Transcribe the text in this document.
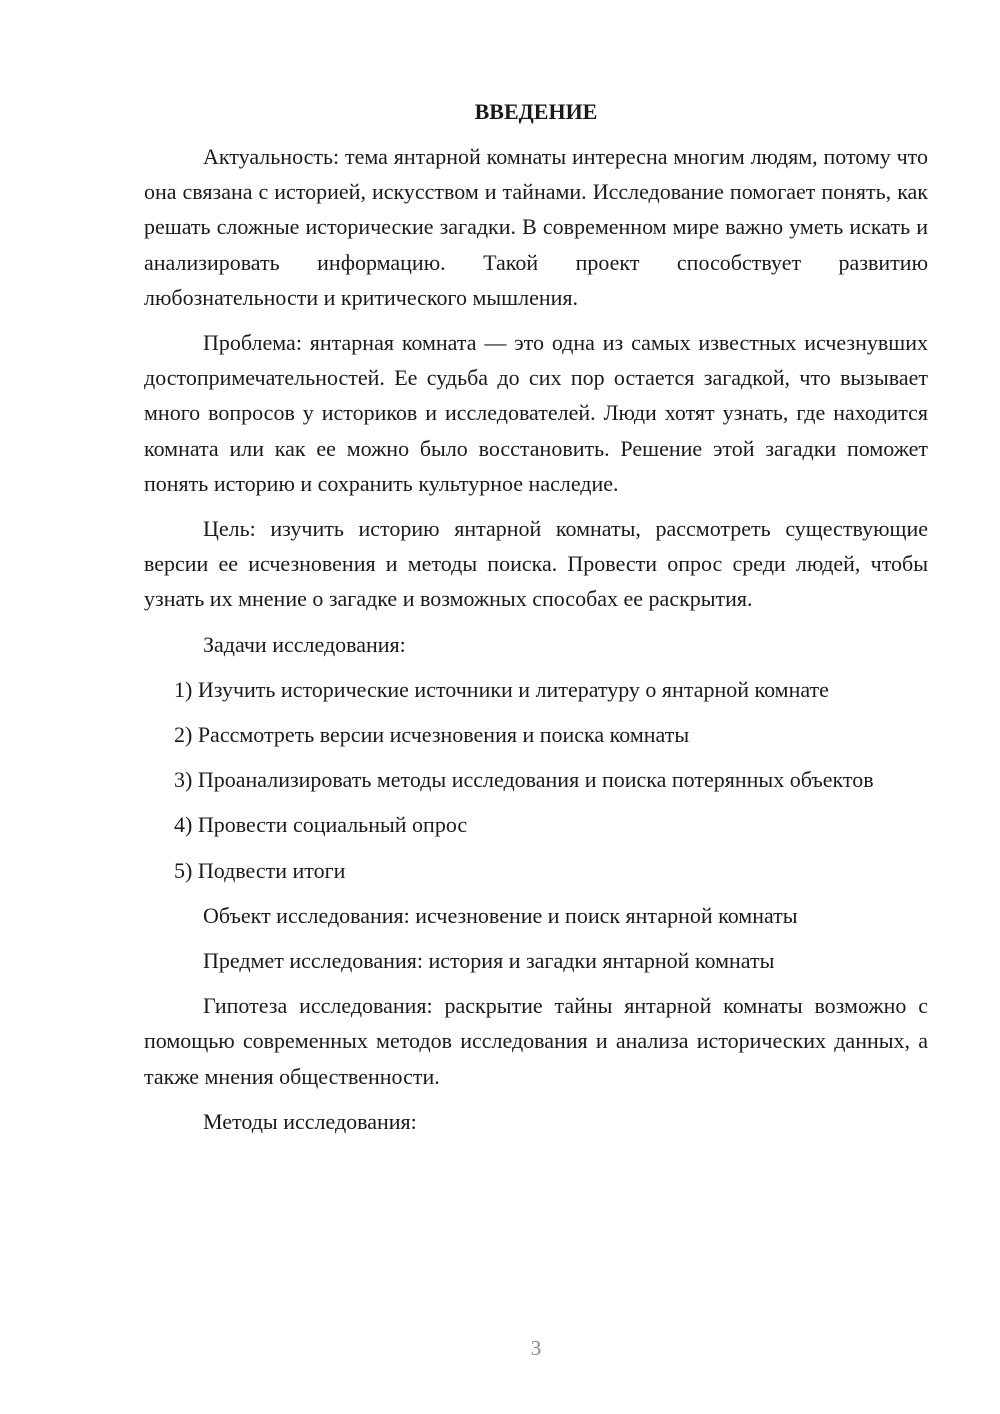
ВВЕДЕНИЕ

Актуальность: тема янтарной комнаты интересна многим людям, потому что она связана с историей, искусством и тайнами. Исследование помогает понять, как решать сложные исторические загадки. В современном мире важно уметь искать и анализировать информацию. Такой проект способствует развитию любознательности и критического мышления.

Проблема: янтарная комната — это одна из самых известных исчезнувших достопримечательностей. Ее судьба до сих пор остается загадкой, что вызывает много вопросов у историков и исследователей. Люди хотят узнать, где находится комната или как ее можно было восстановить. Решение этой загадки поможет понять историю и сохранить культурное наследие.

Цель: изучить историю янтарной комнаты, рассмотреть существующие версии ее исчезновения и методы поиска. Провести опрос среди людей, чтобы узнать их мнение о загадке и возможных способах ее раскрытия.

Задачи исследования:

1) Изучить исторические источники и литературу о янтарной комнате

2) Рассмотреть версии исчезновения и поиска комнаты

3) Проанализировать методы исследования и поиска потерянных объектов

4) Провести социальный опрос

5) Подвести итоги

Объект исследования: исчезновение и поиск янтарной комнаты

Предмет исследования: история и загадки янтарной комнаты

Гипотеза исследования: раскрытие тайны янтарной комнаты возможно с помощью современных методов исследования и анализа исторических данных, а также мнения общественности.

Методы исследования:

3
